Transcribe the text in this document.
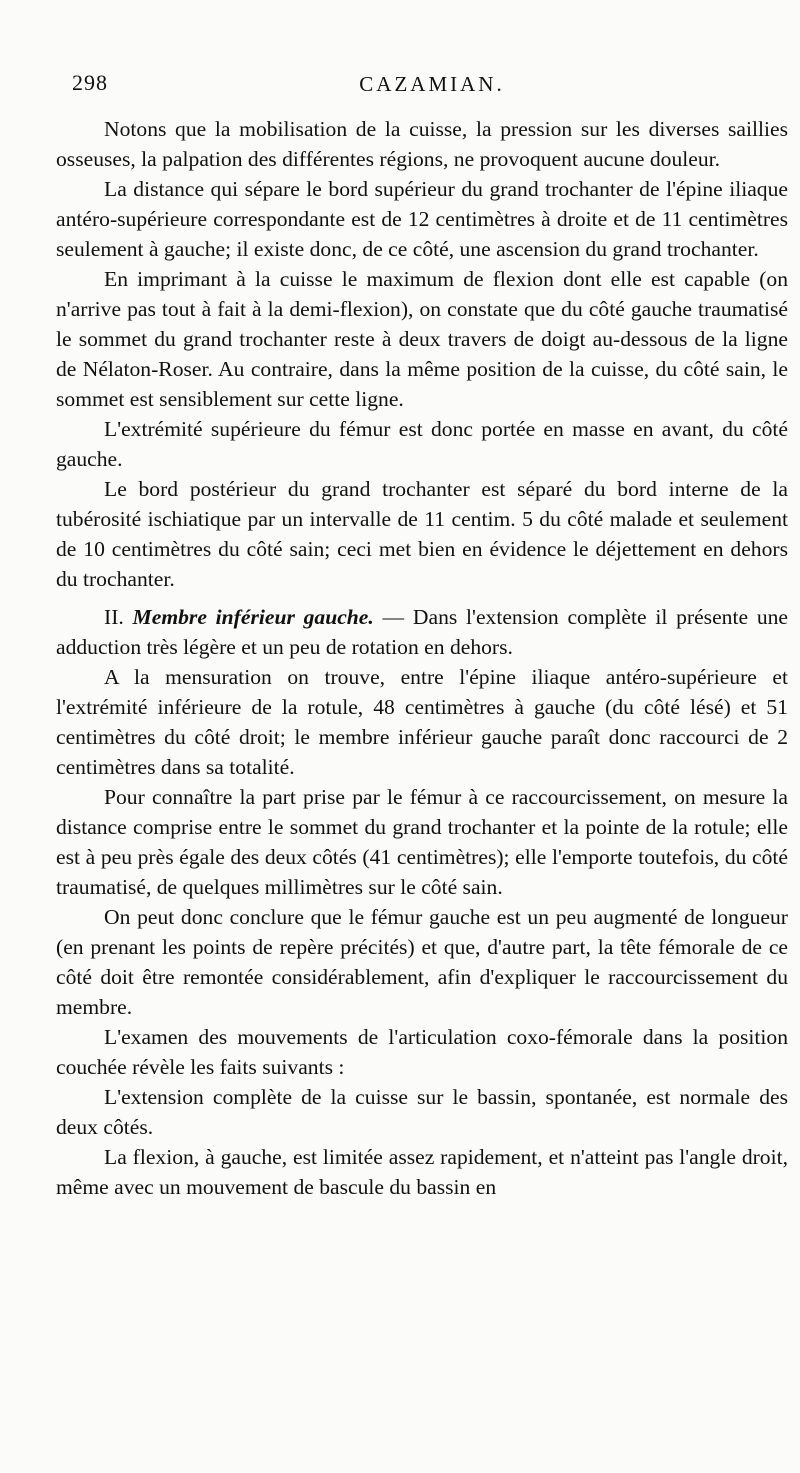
298	CAZAMIAN.

Notons que la mobilisation de la cuisse, la pression sur les diverses saillies osseuses, la palpation des différentes régions, ne provoquent aucune douleur.

La distance qui sépare le bord supérieur du grand trochanter de l'épine iliaque antéro-supérieure correspondante est de 12 centimètres à droite et de 11 centimètres seulement à gauche; il existe donc, de ce côté, une ascension du grand trochanter.

En imprimant à la cuisse le maximum de flexion dont elle est capable (on n'arrive pas tout à fait à la demi-flexion), on constate que du côté gauche traumatisé le sommet du grand trochanter reste à deux travers de doigt au-dessous de la ligne de Nélaton-Roser. Au contraire, dans la même position de la cuisse, du côté sain, le sommet est sensiblement sur cette ligne.

L'extrémité supérieure du fémur est donc portée en masse en avant, du côté gauche.

Le bord postérieur du grand trochanter est séparé du bord interne de la tubérosité ischiatique par un intervalle de 11 centim. 5 du côté malade et seulement de 10 centimètres du côté sain; ceci met bien en évidence le déjettement en dehors du trochanter.

II. Membre inférieur gauche. — Dans l'extension complète il présente une adduction très légère et un peu de rotation en dehors.

A la mensuration on trouve, entre l'épine iliaque antéro-supérieure et l'extrémité inférieure de la rotule, 48 centimètres à gauche (du côté lésé) et 51 centimètres du côté droit; le membre inférieur gauche paraît donc raccourci de 2 centimètres dans sa totalité.

Pour connaître la part prise par le fémur à ce raccourcissement, on mesure la distance comprise entre le sommet du grand trochanter et la pointe de la rotule; elle est à peu près égale des deux côtés (41 centimètres); elle l'emporte toutefois, du côté traumatisé, de quelques millimètres sur le côté sain.

On peut donc conclure que le fémur gauche est un peu augmenté de longueur (en prenant les points de repère précités) et que, d'autre part, la tête fémorale de ce côté doit être remontée considérablement, afin d'expliquer le raccourcissement du membre.

L'examen des mouvements de l'articulation coxo-fémorale dans la position couchée révèle les faits suivants :

L'extension complète de la cuisse sur le bassin, spontanée, est normale des deux côtés.

La flexion, à gauche, est limitée assez rapidement, et n'atteint pas l'angle droit, même avec un mouvement de bascule du bassin en
